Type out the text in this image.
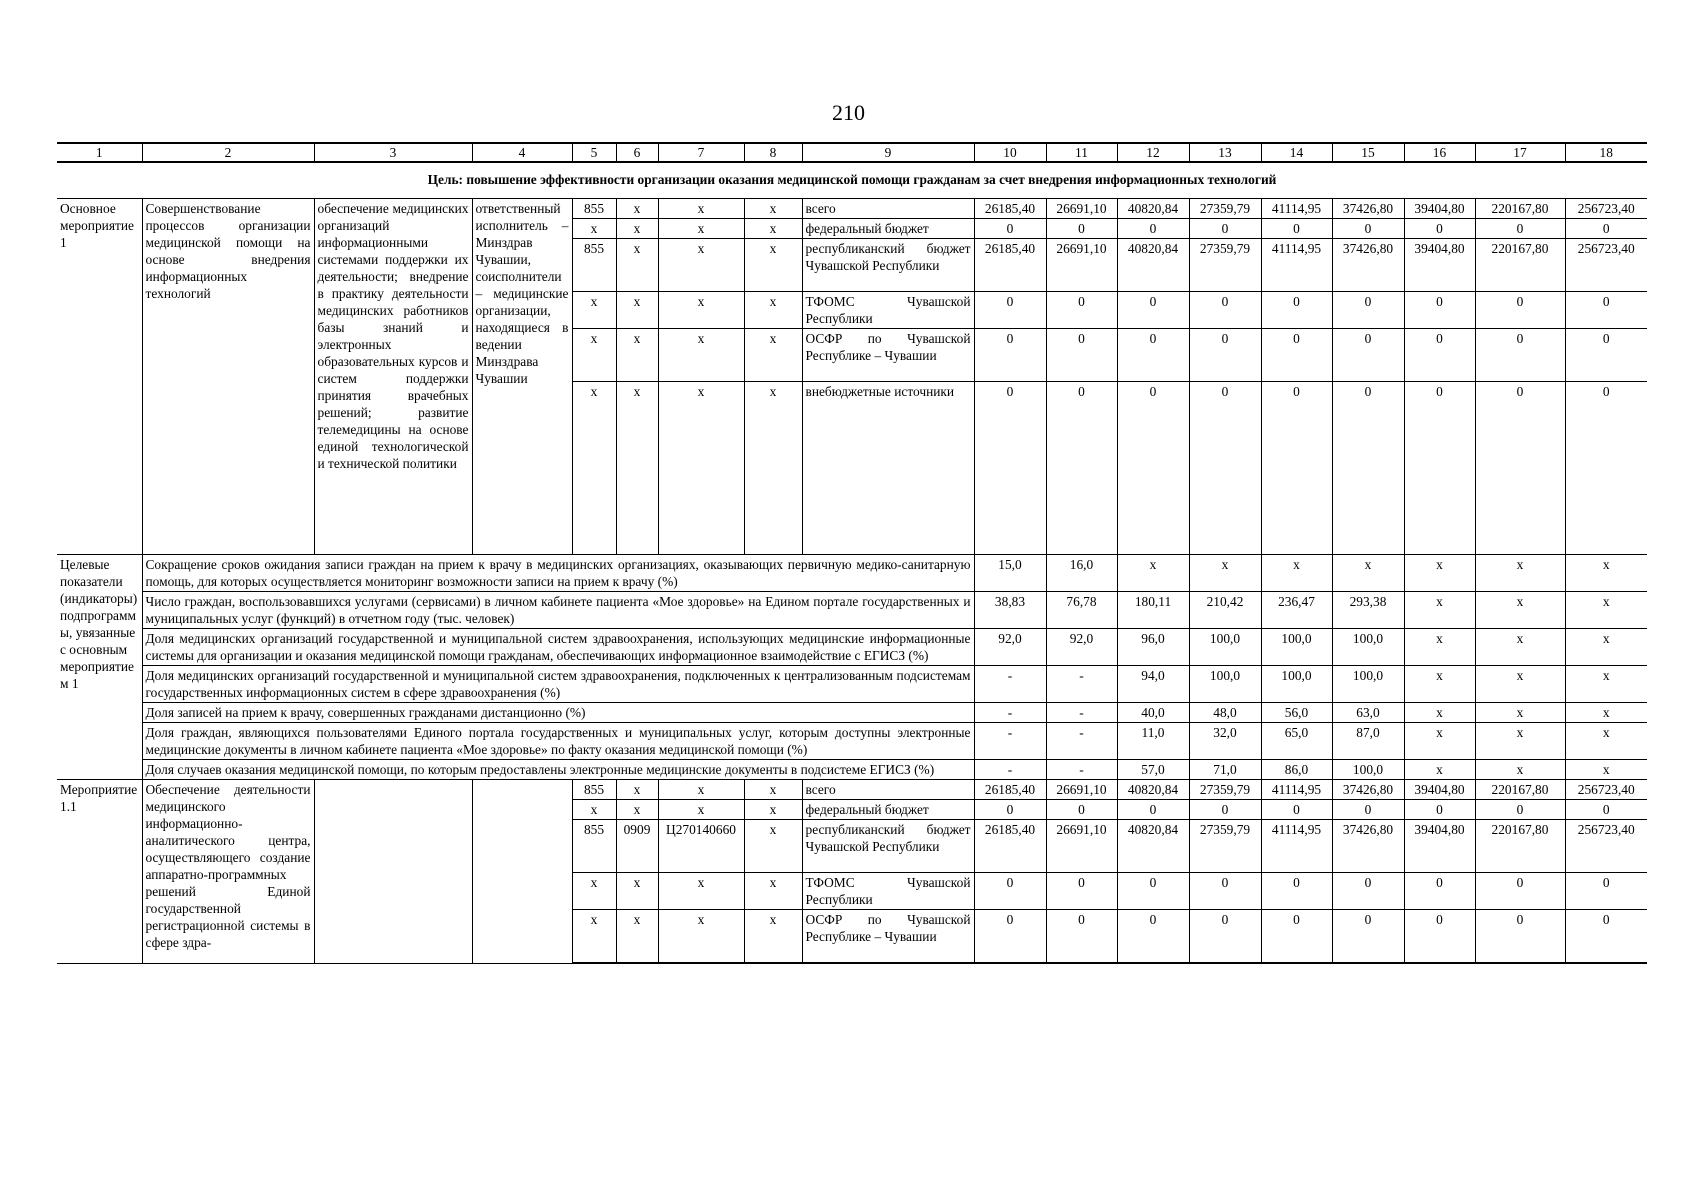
210
1	2	3	4	5	6	7	8	9	10	11	12	13	14	15	16	17	18
Цель: повышение эффективности организации оказания медицинской помощи гражданам за счет внедрения информационных технологий																	
Основное мероприятие 1	Совершенствование процессов организации медицинской помощи на основе внедрения информационных технологий	обеспечение медицинских организаций информационными системами поддержки их деятельности; внедрение в практику деятельности медицинских работников базы знаний и электронных образовательных курсов и систем поддержки принятия врачебных решений; развитие телемедицины на основе единой технологической и технической политики	ответственный исполнитель – Минздрав Чувашии, соисполнители – медицинские организации, находящиеся в ведении Минздрава Чувашии	855	x	x	x	всего	26185,40	26691,10	40820,84	27359,79	41114,95	37426,80	39404,80	220167,80	256723,40
				x	x	x	x	федеральный бюджет	0	0	0	0	0	0	0	0	0
				855	x	x	x	республиканский бюджет Чувашской Республики	26185,40	26691,10	40820,84	27359,79	41114,95	37426,80	39404,80	220167,80	256723,40
				x	x	x	x	ТФОМС Чувашской Республики	0	0	0	0	0	0	0	0	0
				x	x	x	x	ОСФР по Чувашской Республике – Чувашии	0	0	0	0	0	0	0	0	0
				x	x	x	x	внебюджетные источники	0	0	0	0	0	0	0	0	0
Целевые показатели (индикаторы) подпрограммы, увязанные с основным мероприятием 1	Сокращение сроков ожидания записи граждан на прием к врачу в медицинских организациях, оказывающих первичную медико-санитарную помощь, для которых осуществляется мониторинг возможности записи на прием к врачу (%)								15,0	16,0	x	x	x	x	x	x	x
	Число граждан, воспользовавшихся услугами (сервисами) в личном кабинете пациента «Мое здоровье» на Едином портале государственных и муниципальных услуг (функций) в отчетном году (тыс. человек)								38,83	76,78	180,11	210,42	236,47	293,38	x	x	x
	Доля медицинских организаций государственной и муниципальной систем здравоохранения, использующих медицинские информационные системы для организации и оказания медицинской помощи гражданам, обеспечивающих информационное взаимодействие с ЕГИСЗ (%)								92,0	92,0	96,0	100,0	100,0	100,0	x	x	x
	Доля медицинских организаций государственной и муниципальной систем здравоохранения, подключенных к централизованным подсистемам государственных информационных систем в сфере здравоохранения (%)								-	-	94,0	100,0	100,0	100,0	x	x	x
	Доля записей на прием к врачу, совершенных гражданами дистанционно (%)								-	-	40,0	48,0	56,0	63,0	x	x	x
	Доля граждан, являющихся пользователями Единого портала государственных и муниципальных услуг, которым доступны электронные медицинские документы в личном кабинете пациента «Мое здоровье» по факту оказания медицинской помощи (%)								-	-	11,0	32,0	65,0	87,0	x	x	x
	Доля случаев оказания медицинской помощи, по которым предоставлены электронные медицинские документы в подсистеме ЕГИСЗ (%)								-	-	57,0	71,0	86,0	100,0	x	x	x
Мероприятие 1.1	Обеспечение деятельности медицинского информационно-аналитического центра, осуществляющего создание аппаратно-программных решений Единой государственной регистрационной системы в сфере здра-			855	x	x	x	всего	26185,40	26691,10	40820,84	27359,79	41114,95	37426,80	39404,80	220167,80	256723,40
				x	x	x	x	федеральный бюджет	0	0	0	0	0	0	0	0	0
				855	0909	Ц270140660	x	республиканский бюджет Чувашской Республики	26185,40	26691,10	40820,84	27359,79	41114,95	37426,80	39404,80	220167,80	256723,40
				x	x	x	x	ТФОМС Чувашской Республики	0	0	0	0	0	0	0	0	0
				x	x	x	x	ОСФР по Чувашской Республике – Чувашии	0	0	0	0	0	0	0	0	0
